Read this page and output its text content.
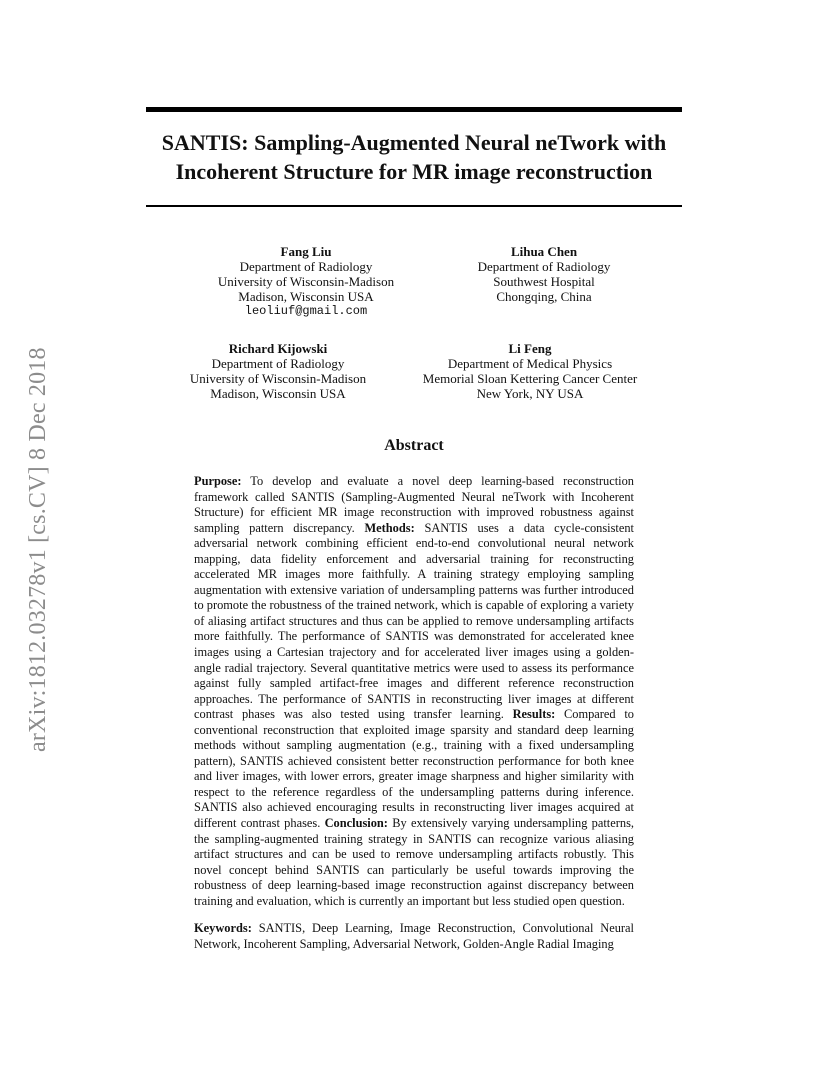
arXiv:1812.03278v1 [cs.CV] 8 Dec 2018
SANTIS: Sampling-Augmented Neural neTwork with Incoherent Structure for MR image reconstruction
Fang Liu
Department of Radiology
University of Wisconsin-Madison
Madison, Wisconsin USA
leoliuf@gmail.com
Lihua Chen
Department of Radiology
Southwest Hospital
Chongqing, China
Richard Kijowski
Department of Radiology
University of Wisconsin-Madison
Madison, Wisconsin USA
Li Feng
Department of Medical Physics
Memorial Sloan Kettering Cancer Center
New York, NY USA
Abstract

Purpose: To develop and evaluate a novel deep learning-based reconstruction framework called SANTIS (Sampling-Augmented Neural neTwork with Incoherent Structure) for efficient MR image reconstruction with improved robustness against sampling pattern discrepancy. Methods: SANTIS uses a data cycle-consistent adversarial network combining efficient end-to-end convolutional neural network mapping, data fidelity enforcement and adversarial training for reconstructing accelerated MR images more faithfully. A training strategy employing sampling augmentation with extensive variation of undersampling patterns was further introduced to promote the robustness of the trained network, which is capable of exploring a variety of aliasing artifact structures and thus can be applied to remove undersampling artifacts more faithfully. The performance of SANTIS was demonstrated for accelerated knee images using a Cartesian trajectory and for accelerated liver images using a golden-angle radial trajectory. Several quantitative metrics were used to assess its performance against fully sampled artifact-free images and different reference reconstruction approaches. The performance of SANTIS in reconstructing liver images at different contrast phases was also tested using transfer learning. Results: Compared to conventional reconstruction that exploited image sparsity and standard deep learning methods without sampling augmentation (e.g., training with a fixed undersampling pattern), SANTIS achieved consistent better reconstruction performance for both knee and liver images, with lower errors, greater image sharpness and higher similarity with respect to the reference regardless of the undersampling patterns during inference. SANTIS also achieved encouraging results in reconstructing liver images acquired at different contrast phases. Conclusion: By extensively varying undersampling patterns, the sampling-augmented training strategy in SANTIS can recognize various aliasing artifact structures and can be used to remove undersampling artifacts robustly. This novel concept behind SANTIS can particularly be useful towards improving the robustness of deep learning-based image reconstruction against discrepancy between training and evaluation, which is currently an important but less studied open question.

Keywords: SANTIS, Deep Learning, Image Reconstruction, Convolutional Neural Network, Incoherent Sampling, Adversarial Network, Golden-Angle Radial Imaging
